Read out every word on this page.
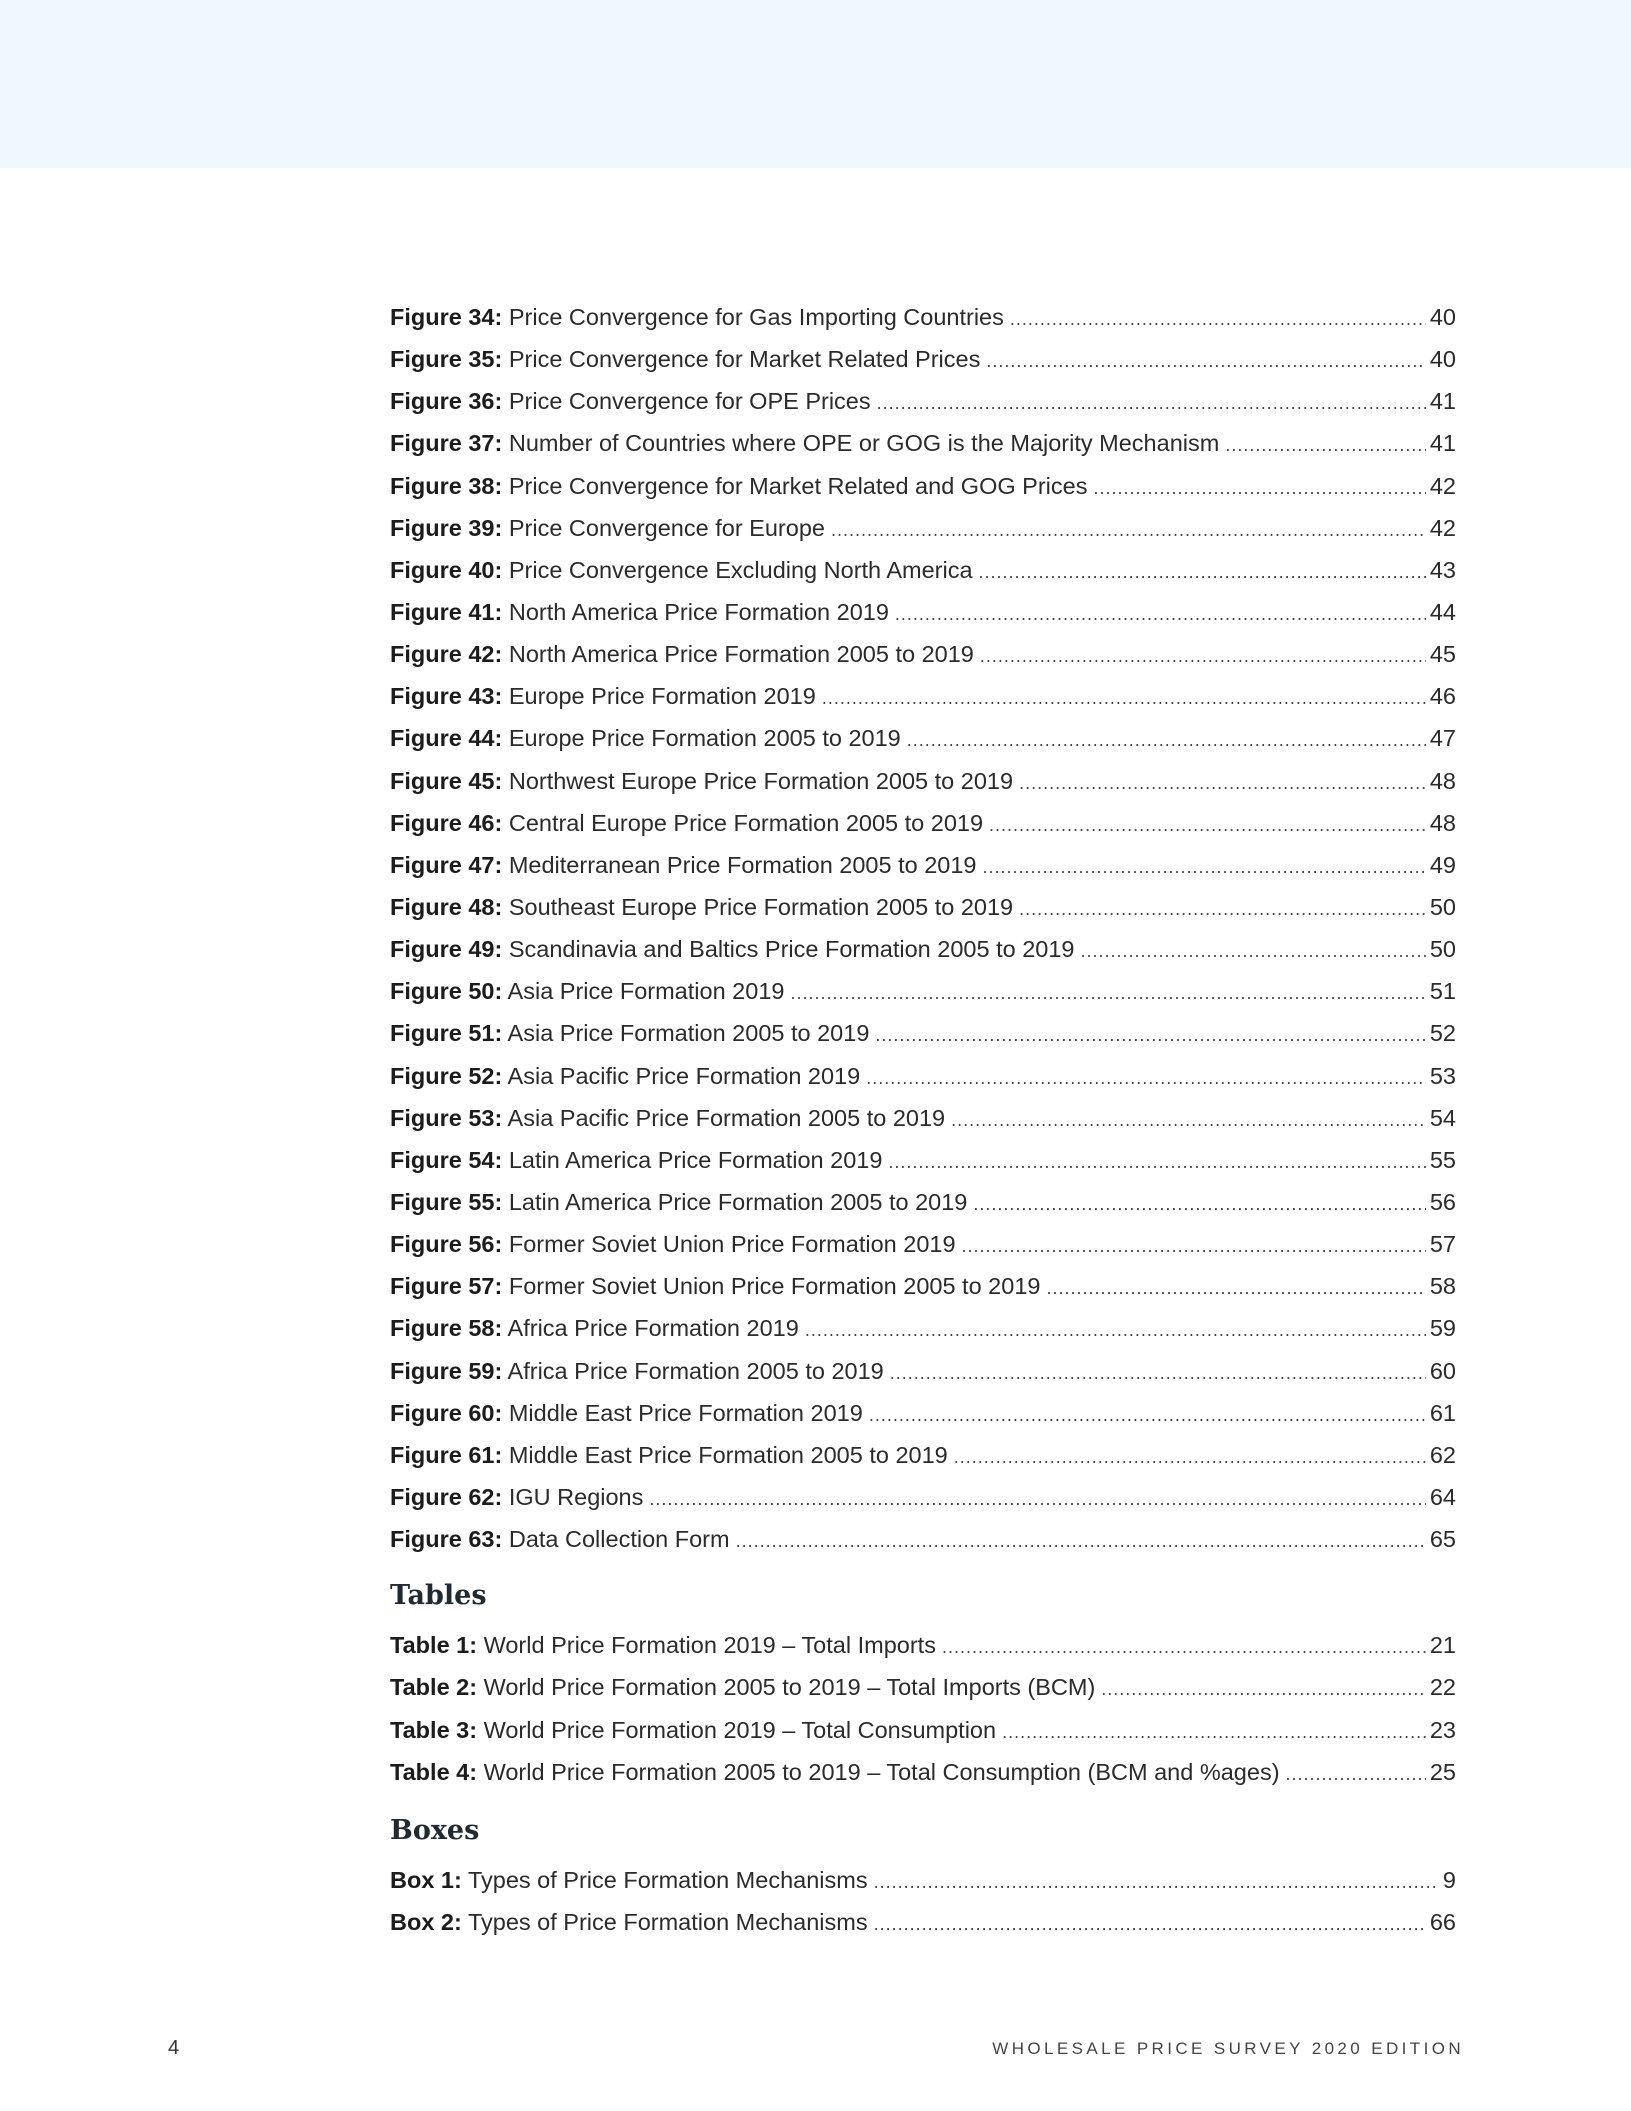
Figure 34: Price Convergence for Gas Importing Countries .....	40
Figure 35: Price Convergence for Market Related Prices .....	40
Figure 36: Price Convergence for OPE Prices .....	41
Figure 37: Number of Countries where OPE or GOG is the Majority Mechanism .....	41
Figure 38: Price Convergence for Market Related and GOG Prices .....	42
Figure 39: Price Convergence for Europe .....	42
Figure 40: Price Convergence Excluding North America .....	43
Figure 41: North America Price Formation 2019 .....	44
Figure 42: North America Price Formation 2005 to 2019 .....	45
Figure 43: Europe Price Formation 2019 .....	46
Figure 44: Europe Price Formation 2005 to 2019 .....	47
Figure 45: Northwest Europe Price Formation 2005 to 2019 .....	48
Figure 46: Central Europe Price Formation 2005 to 2019 .....	48
Figure 47: Mediterranean Price Formation 2005 to 2019 .....	49
Figure 48: Southeast Europe Price Formation 2005 to 2019 .....	50
Figure 49: Scandinavia and Baltics Price Formation 2005 to 2019 .....	50
Figure 50: Asia Price Formation 2019 .....	51
Figure 51: Asia Price Formation 2005 to 2019 .....	52
Figure 52: Asia Pacific Price Formation 2019 .....	53
Figure 53: Asia Pacific Price Formation 2005 to 2019 .....	54
Figure 54: Latin America Price Formation 2019 .....	55
Figure 55: Latin America Price Formation 2005 to 2019 .....	56
Figure 56: Former Soviet Union Price Formation 2019 .....	57
Figure 57: Former Soviet Union Price Formation 2005 to 2019 .....	58
Figure 58: Africa Price Formation 2019 .....	59
Figure 59: Africa Price Formation 2005 to 2019 .....	60
Figure 60: Middle East Price Formation 2019 .....	61
Figure 61: Middle East Price Formation 2005 to 2019 .....	62
Figure 62: IGU Regions .....	64
Figure 63: Data Collection Form .....	65
Tables
Table 1: World Price Formation 2019 – Total Imports .....	21
Table 2: World Price Formation 2005 to 2019 – Total Imports (BCM) .....	22
Table 3: World Price Formation 2019 – Total Consumption .....	23
Table 4: World Price Formation 2005 to 2019 – Total Consumption (BCM and %ages) .....	25
Boxes
Box 1: Types of Price Formation Mechanisms .....	9
Box 2: Types of Price Formation Mechanisms .....	66
4	WHOLESALE PRICE SURVEY 2020 EDITION
